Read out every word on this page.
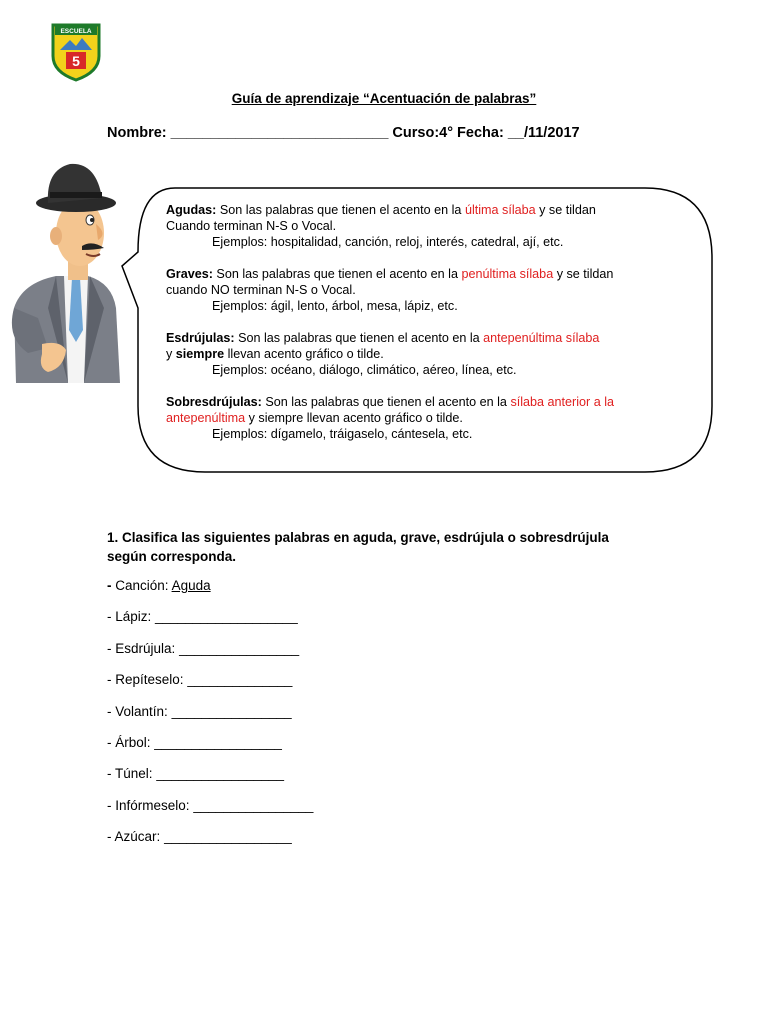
ESCUELA
5
Guía de aprendizaje “Acentuación de palabras”
Nombre: ___________________________ Curso:4° Fecha: __/11/2017
Agudas: Son las palabras que tienen el acento en la última sílaba y se tildan
Cuando terminan N-S o Vocal.
Ejemplos: hospitalidad, canción, reloj, interés, catedral, ají, etc.
Graves: Son las palabras que tienen el acento en la penúltima sílaba y se tildan
cuando NO terminan N-S o Vocal.
Ejemplos: ágil, lento, árbol, mesa, lápiz, etc.
Esdrújulas: Son las palabras que tienen el acento en la antepenúltima sílaba
y siempre llevan acento gráfico o tilde.
Ejemplos: océano, diálogo, climático, aéreo, línea, etc.
Sobresdrújulas: Son las palabras que tienen el acento en la sílaba anterior a la
antepenúltima y siempre llevan acento gráfico o tilde.
Ejemplos: dígamelo, tráigaselo, cántesela, etc.
1. Clasifica las siguientes palabras en aguda, grave, esdrújula o sobresdrújula según corresponda.
- Canción: Aguda
- Lápiz: ___________________
- Esdrújula: ________________
- Repíteselo: ______________
- Volantín: ________________
- Árbol: _________________
- Túnel: _________________
- Infórmeselo: ________________
- Azúcar: _________________
